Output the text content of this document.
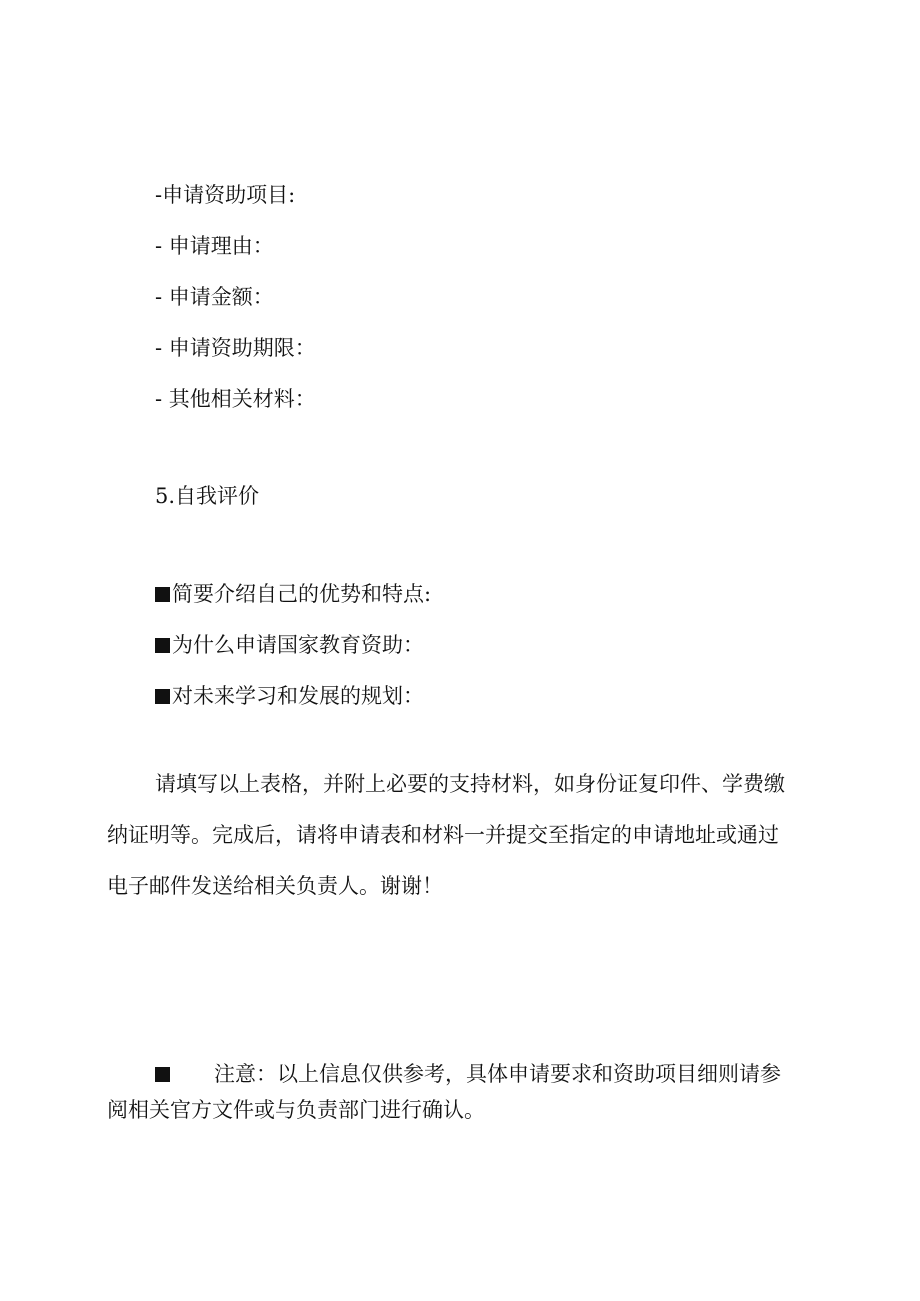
-申请资助项目:

- 申请理由：

- 申请金额：

- 申请资助期限：

- 其他相关材料：

5.自我评价

简要介绍自己的优势和特点:

为什么申请国家教育资助：

对未来学习和发展的规划：

请填写以上表格，并附上必要的支持材料，如身份证复印件、学费缴

纳证明等。完成后，请将申请表和材料一并提交至指定的申请地址或通过

电子邮件发送给相关负责人。谢谢！

注意：以上信息仅供参考，具体申请要求和资助项目细则请参

阅相关官方文件或与负责部门进行确认。
